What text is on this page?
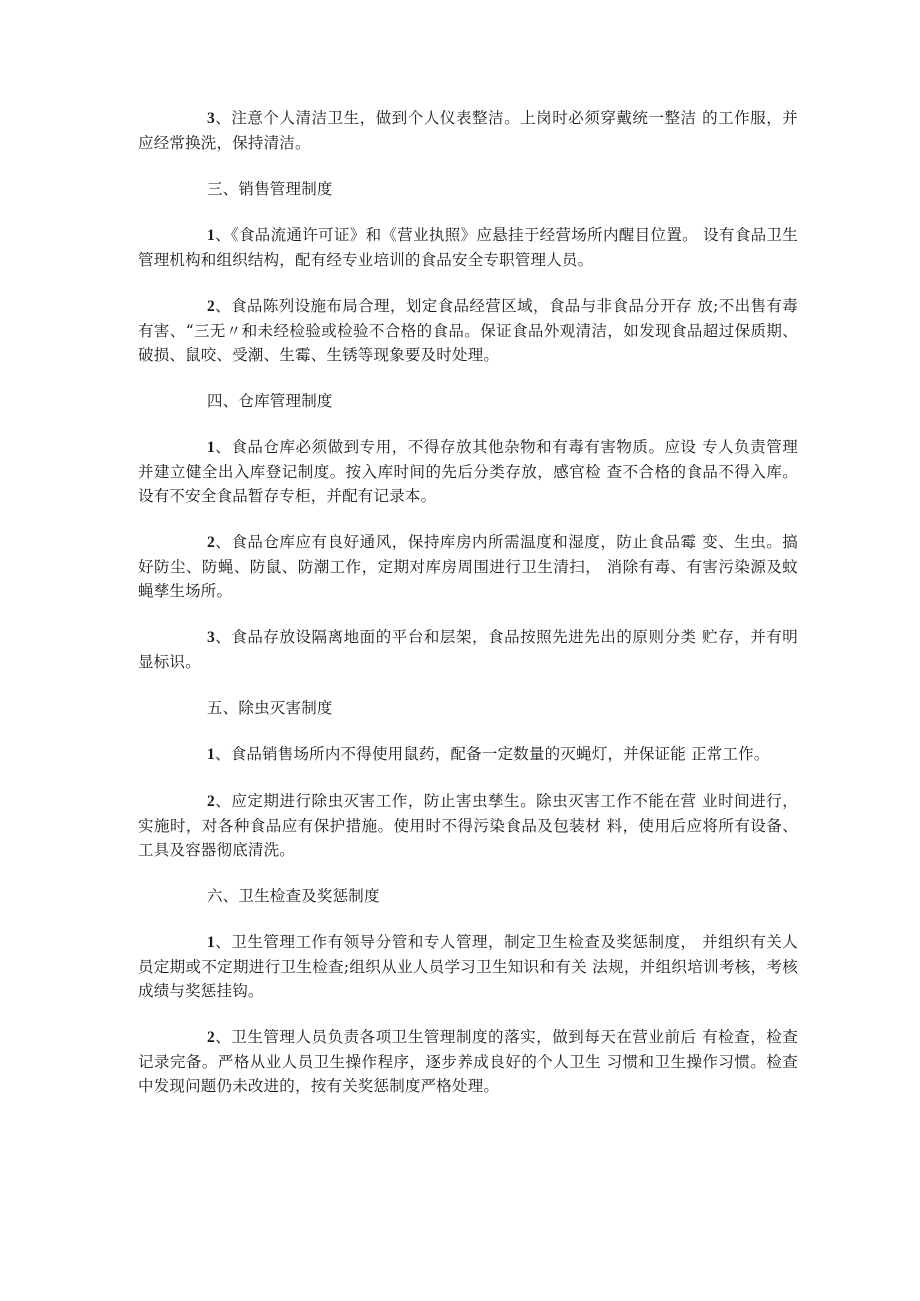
3、注意个人清洁卫生，做到个人仪表整洁。上岗时必须穿戴统一整洁 的工作服，并应经常换洗，保持清洁。

三、销售管理制度

1、《食品流通许可证》和《营业执照》应悬挂于经营场所内醒目位置。 设有食品卫生管理机构和组织结构，配有经专业培训的食品安全专职管理人员。

2、食品陈列设施布局合理，划定食品经营区域，食品与非食品分开存 放;不出售有毒有害、“三无〃和未经检验或检验不合格的食品。保证食品外观清洁，如发现食品超过保质期、破损、鼠咬、受潮、生霉、生锈等现象要及时处理。

四、仓库管理制度

1、食品仓库必须做到专用，不得存放其他杂物和有毒有害物质。应设 专人负责管理并建立健全出入库登记制度。按入库时间的先后分类存放，感官检 查不合格的食品不得入库。设有不安全食品暂存专柜，并配有记录本。

2、食品仓库应有良好通风，保持库房内所需温度和湿度，防止食品霉 变、生虫。搞好防尘、防蝇、防鼠、防潮工作，定期对库房周围进行卫生清扫， 消除有毒、有害污染源及蚊蝇孳生场所。

3、食品存放设隔离地面的平台和层架，食品按照先进先出的原则分类 贮存，并有明显标识。

五、除虫灭害制度

1、食品销售场所内不得使用鼠药，配备一定数量的灭蝇灯，并保证能 正常工作。

2、应定期进行除虫灭害工作，防止害虫孳生。除虫灭害工作不能在营 业时间进行，实施时，对各种食品应有保护措施。使用时不得污染食品及包装材 料，使用后应将所有设备、工具及容器彻底清洗。

六、卫生检查及奖惩制度

1、卫生管理工作有领导分管和专人管理，制定卫生检查及奖惩制度， 并组织有关人员定期或不定期进行卫生检查;组织从业人员学习卫生知识和有关 法规，并组织培训考核，考核成绩与奖惩挂钩。

2、卫生管理人员负责各项卫生管理制度的落实，做到每天在营业前后 有检查，检查记录完备。严格从业人员卫生操作程序，逐步养成良好的个人卫生 习惯和卫生操作习惯。检查中发现问题仍未改进的，按有关奖惩制度严格处理。
